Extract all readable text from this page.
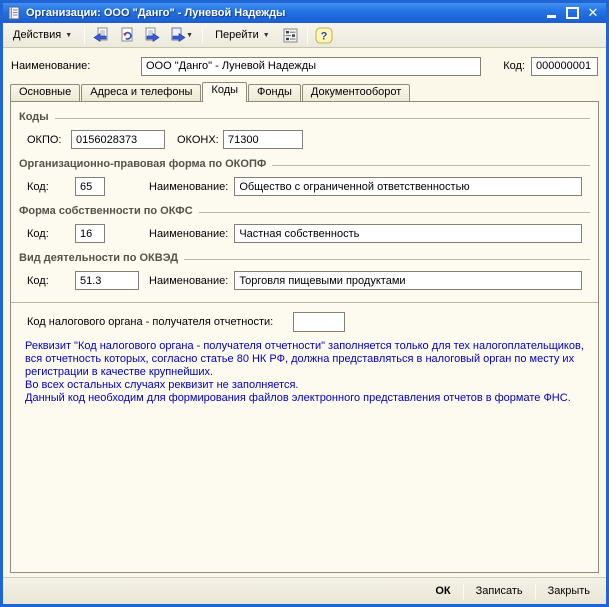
Организации: ООО "Данго" - Луневой Надежды	✕
Действия ▼	▼ Перейти ▼	?
Наименование:
ООО "Данго" - Луневой Надежды	Код:
000000001
Основные	Адреса и телефоны	Коды	Фонды	Документооборот
Коды
ОКПО:
0156028373	ОКОНХ:
71300
Организационно-правовая форма по ОКОПФ
Код:
65	Наименование:
Общество с ограниченной ответственностью
Форма собственности по ОКФС
Код:
16	Наименование:
Частная собственность
Вид деятельности по ОКВЭД
Код:
51.3	Наименование:
Торговля пищевыми продуктами
Код налогового органа - получателя отчетности:
Реквизит "Код налогового органа - получателя отчетности" заполняется только для тех налогоплательщиков, вся отчетность которых, согласно статье 80 НК РФ, должна представляться в налоговый орган по месту их регистрации в качестве крупнейших.
Во всех остальных случаях реквизит не заполняется.
Данный код необходим для формирования файлов электронного представления отчетов в формате ФНС.
ОК	Записать	Закрыть
